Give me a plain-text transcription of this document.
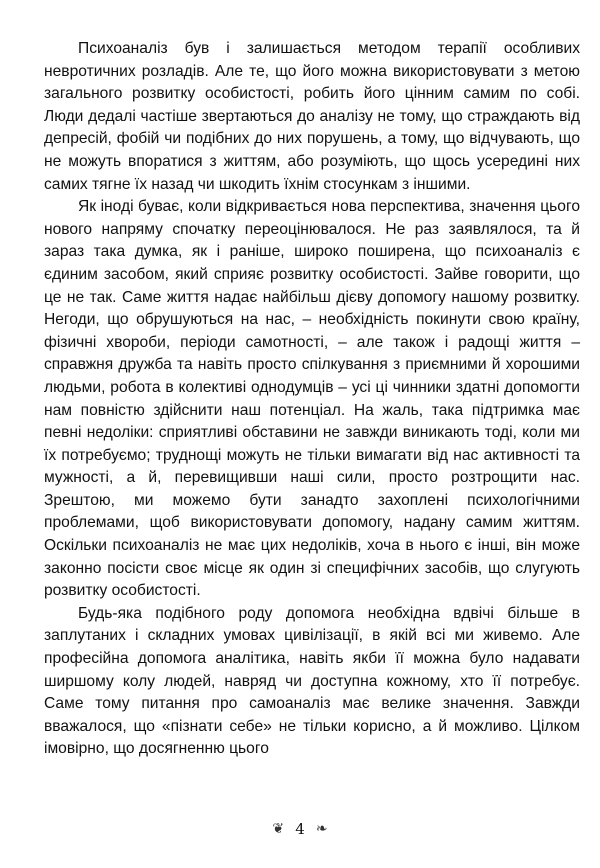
Психоаналіз був і залишається методом терапії особливих невротичних розладів. Але те, що його можна використовувати з метою загального розвитку особистості, робить його цінним самим по собі. Люди дедалі частіше звертаються до аналізу не тому, що страждають від депресій, фобій чи подібних до них порушень, а тому, що відчувають, що не можуть впоратися з життям, або розуміють, що щось усередині них самих тягне їх назад чи шкодить їхнім стосункам з іншими.

Як іноді буває, коли відкривається нова перспектива, значення цього нового напряму спочатку переоцінювалося. Не раз заявлялося, та й зараз така думка, як і раніше, широко поширена, що психоаналіз є єдиним засобом, який сприяє розвитку особистості. Зайве говорити, що це не так. Саме життя надає найбільш дієву допомогу нашому розвитку. Негоди, що обрушуються на нас, – необхідність покинути свою країну, фізичні хвороби, періоди самотності, – але також і радощі життя – справжня дружба та навіть просто спілкування з приємними й хорошими людьми, робота в колективі однодумців – усі ці чинники здатні допомогти нам повністю здійснити наш потенціал. На жаль, така підтримка має певні недоліки: сприятливі обставини не завжди виникають тоді, коли ми їх потребуємо; труднощі можуть не тільки вимагати від нас активності та мужності, а й, перевищивши наші сили, просто розтрощити нас. Зрештою, ми можемо бути занадто захоплені психологічними проблемами, щоб використовувати допомогу, надану самим життям. Оскільки психоаналіз не має цих недоліків, хоча в нього є інші, він може законно посісти своє місце як один зі специфічних засобів, що слугують розвитку особистості.

Будь-яка подібного роду допомога необхідна вдвічі більше в заплутаних і складних умовах цивілізації, в якій всі ми живемо. Але професійна допомога аналітика, навіть якби її можна було надавати ширшому колу людей, навряд чи доступна кожному, хто її потребує. Саме тому питання про самоаналіз має велике значення. Завжди вважалося, що «пізнати себе» не тільки корисно, а й можливо. Цілком імовірно, що досягненню цього

❦ 4 ❧
